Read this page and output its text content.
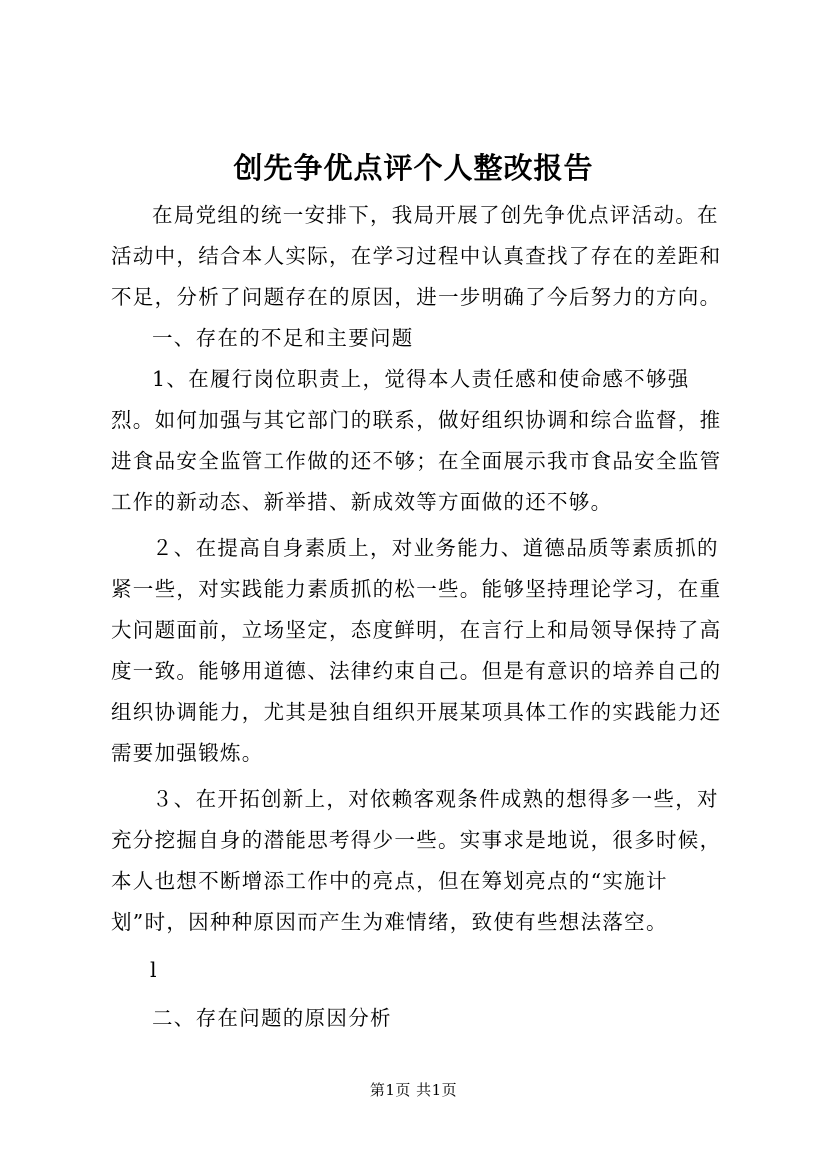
创先争优点评个人整改报告

在局党组的统一安排下，我局开展了创先争优点评活动。在活动中，结合本人实际，在学习过程中认真查找了存在的差距和不足，分析了问题存在的原因，进一步明确了今后努力的方向。

一、存在的不足和主要问题

1、在履行岗位职责上，觉得本人责任感和使命感不够强烈。如何加强与其它部门的联系，做好组织协调和综合监督，推进食品安全监管工作做的还不够；在全面展示我市食品安全监管工作的新动态、新举措、新成效等方面做的还不够。

２、在提高自身素质上，对业务能力、道德品质等素质抓的紧一些，对实践能力素质抓的松一些。能够坚持理论学习，在重大问题面前，立场坚定，态度鲜明，在言行上和局领导保持了高度一致。能够用道德、法律约束自己。但是有意识的培养自己的组织协调能力，尤其是独自组织开展某项具体工作的实践能力还需要加强锻炼。

３、在开拓创新上，对依赖客观条件成熟的想得多一些，对充分挖掘自身的潜能思考得少一些。实事求是地说，很多时候，本人也想不断增添工作中的亮点，但在筹划亮点的“实施计划”时，因种种原因而产生为难情绪，致使有些想法落空。

l

二、存在问题的原因分析

第1页 共1页
